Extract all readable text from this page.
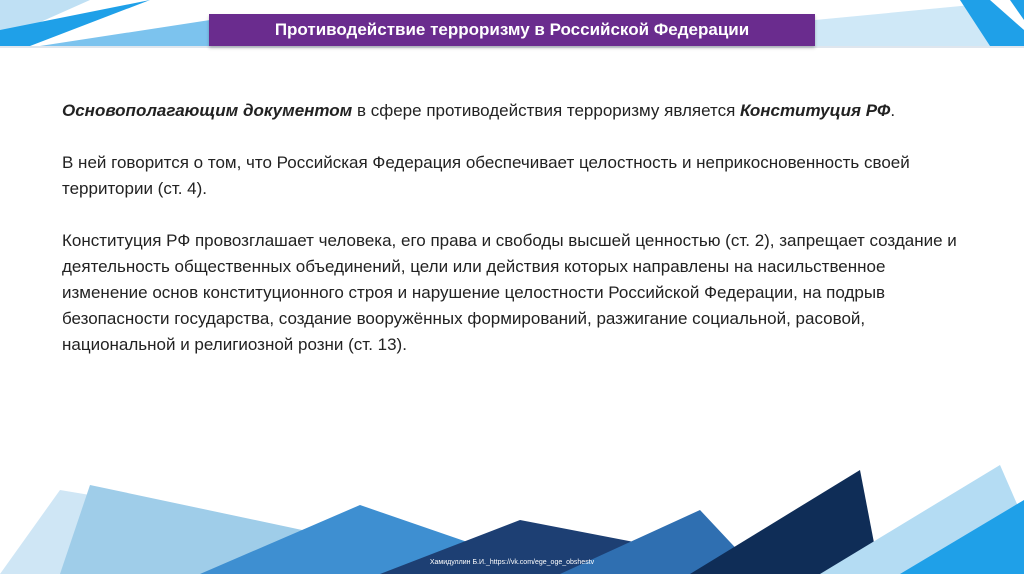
Противодействие терроризму в Российской Федерации

Основополагающим документом в сфере противодействия терроризму является Конституция РФ.

В ней говорится о том, что Российская Федерация обеспечивает целостность и неприкосновенность своей территории (ст. 4).

Конституция РФ провозглашает человека, его права и свободы высшей ценностью (ст. 2), запрещает создание и деятельность общественных объединений, цели или действия которых направлены на насильственное изменение основ конституционного строя и нарушение целостности Российской Федерации, на подрыв безопасности государства, создание вооружённых формирований, разжигание социальной, расовой, национальной и религиозной розни (ст. 13).

Хамидуллин Б.И._https://vk.com/ege_oge_obshestv
